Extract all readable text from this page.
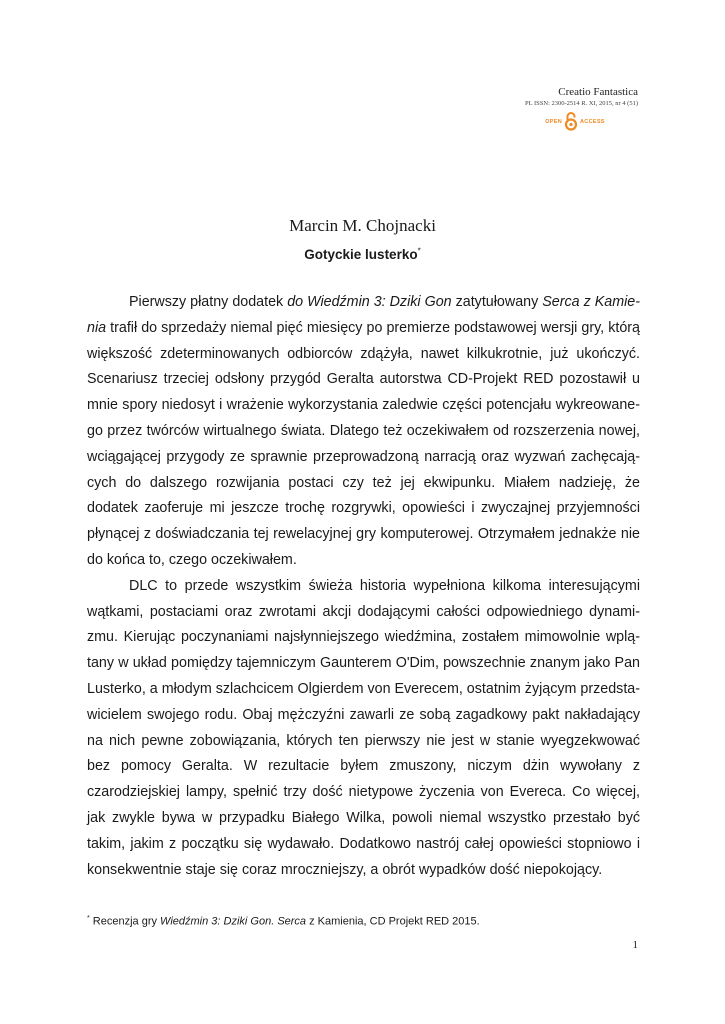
Creatio Fantastica
PL ISSN: 2300-2514 R. XI, 2015, nr 4 (51)
OPEN	ACCESS
Marcin M. Chojnacki
Gotyckie lusterko*

Pierwszy płatny dodatek do Wiedźmin 3: Dziki Gon zatytułowany Serca z Kamienia trafił do sprzedaży niemal pięć miesięcy po premierze podstawowej wersji gry, którą większość zdeterminowanych odbiorców zdążyła, nawet kilkukrotnie, już ukończyć. Scenariusz trzeciej odsłony przygód Geralta autorstwa CD-Projekt RED pozostawił u mnie spory niedosyt i wrażenie wykorzystania zaledwie części potencjału wykreowanego przez twórców wirtualnego świata. Dlatego też oczekiwałem od rozszerzenia nowej, wciągającej przygody ze sprawnie przeprowadzoną narracją oraz wyzwań zachęcających do dalszego rozwijania postaci czy też jej ekwipunku. Miałem nadzieję, że dodatek zaoferuje mi jeszcze trochę rozgrywki, opowieści i zwyczajnej przyjemności płynącej z doświadczania tej rewelacyjnej gry komputerowej. Otrzymałem jednakże nie do końca to, czego oczekiwałem.

DLC to przede wszystkim świeża historia wypełniona kilkoma interesującymi wątkami, postaciami oraz zwrotami akcji dodającymi całości odpowiedniego dynamizmu. Kierując poczynaniami najsłynniejszego wiedźmina, zostałem mimowolnie wplątany w układ pomiędzy tajemniczym Gaunterem O'Dim, powszechnie znanym jako Pan Lusterko, a młodym szlachcicem Olgierdem von Everecem, ostatnim żyjącym przedstawicielem swojego rodu. Obaj mężczyźni zawarli ze sobą zagadkowy pakt nakładający na nich pewne zobowiązania, których ten pierwszy nie jest w stanie wyegzekwować bez pomocy Geralta. W rezultacie byłem zmuszony, niczym dżin wywołany z czarodziejskiej lampy, spełnić trzy dość nietypowe życzenia von Evereca. Co więcej, jak zwykle bywa w przypadku Białego Wilka, powoli niemal wszystko przestało być takim, jakim z początku się wydawało. Dodatkowo nastrój całej opowieści stopniowo i konsekwentnie staje się coraz mroczniejszy, a obrót wypadków dość niepokojący.

* Recenzja gry Wiedźmin 3: Dziki Gon. Serca z Kamienia, CD Projekt RED 2015.
1
